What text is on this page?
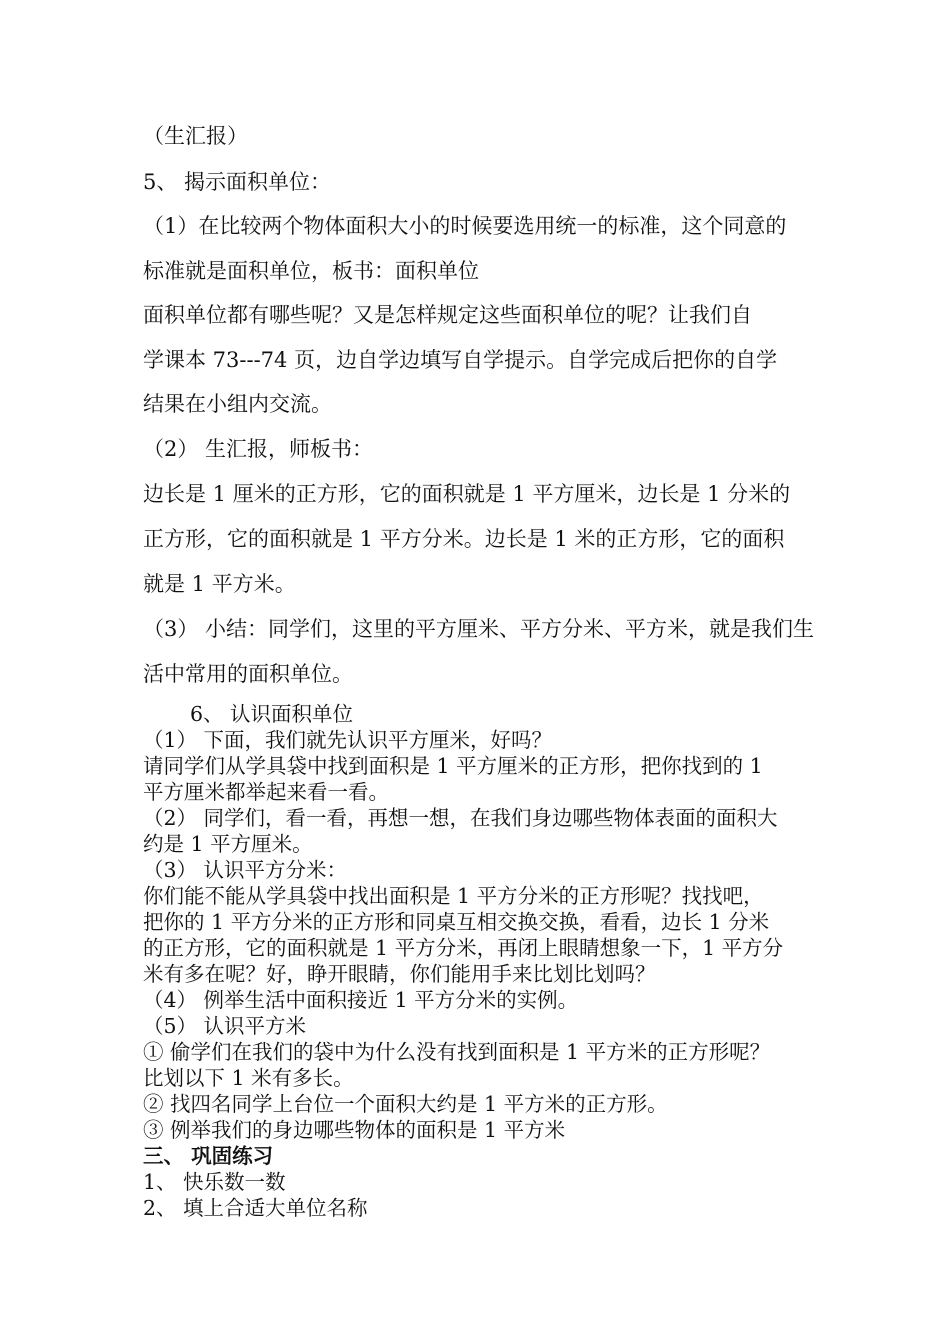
（生汇报）

5、 揭示面积单位：

（1）在比较两个物体面积大小的时候要选用统一的标准，这个同意的

标准就是面积单位，板书：面积单位

面积单位都有哪些呢？又是怎样规定这些面积单位的呢？让我们自

学课本 73---74 页，边自学边填写自学提示。自学完成后把你的自学

结果在小组内交流。

（2） 生汇报，师板书：

边长是 1 厘米的正方形，它的面积就是 1 平方厘米，边长是 1 分米的

正方形，它的面积就是 1 平方分米。边长是 1 米的正方形，它的面积

就是 1 平方米。

（3） 小结：同学们，这里的平方厘米、平方分米、平方米，就是我们生

活中常用的面积单位。

6、 认识面积单位

（1） 下面，我们就先认识平方厘米，好吗？

请同学们从学具袋中找到面积是 1 平方厘米的正方形，把你找到的 1

平方厘米都举起来看一看。

（2） 同学们，看一看，再想一想，在我们身边哪些物体表面的面积大

约是 1 平方厘米。

（3） 认识平方分米：

你们能不能从学具袋中找出面积是 1 平方分米的正方形呢？找找吧，

把你的 1 平方分米的正方形和同桌互相交换交换，看看，边长 1 分米

的正方形，它的面积就是 1 平方分米，再闭上眼睛想象一下，1 平方分

米有多在呢？好，睁开眼睛，你们能用手来比划比划吗？

（4） 例举生活中面积接近 1 平方分米的实例。

（5） 认识平方米

① 偷学们在我们的袋中为什么没有找到面积是 1 平方米的正方形呢？

比划以下 1 米有多长。

② 找四名同学上台位一个面积大约是 1 平方米的正方形。

③ 例举我们的身边哪些物体的面积是 1 平方米

三、 巩固练习

1、 快乐数一数

2、 填上合适大单位名称
